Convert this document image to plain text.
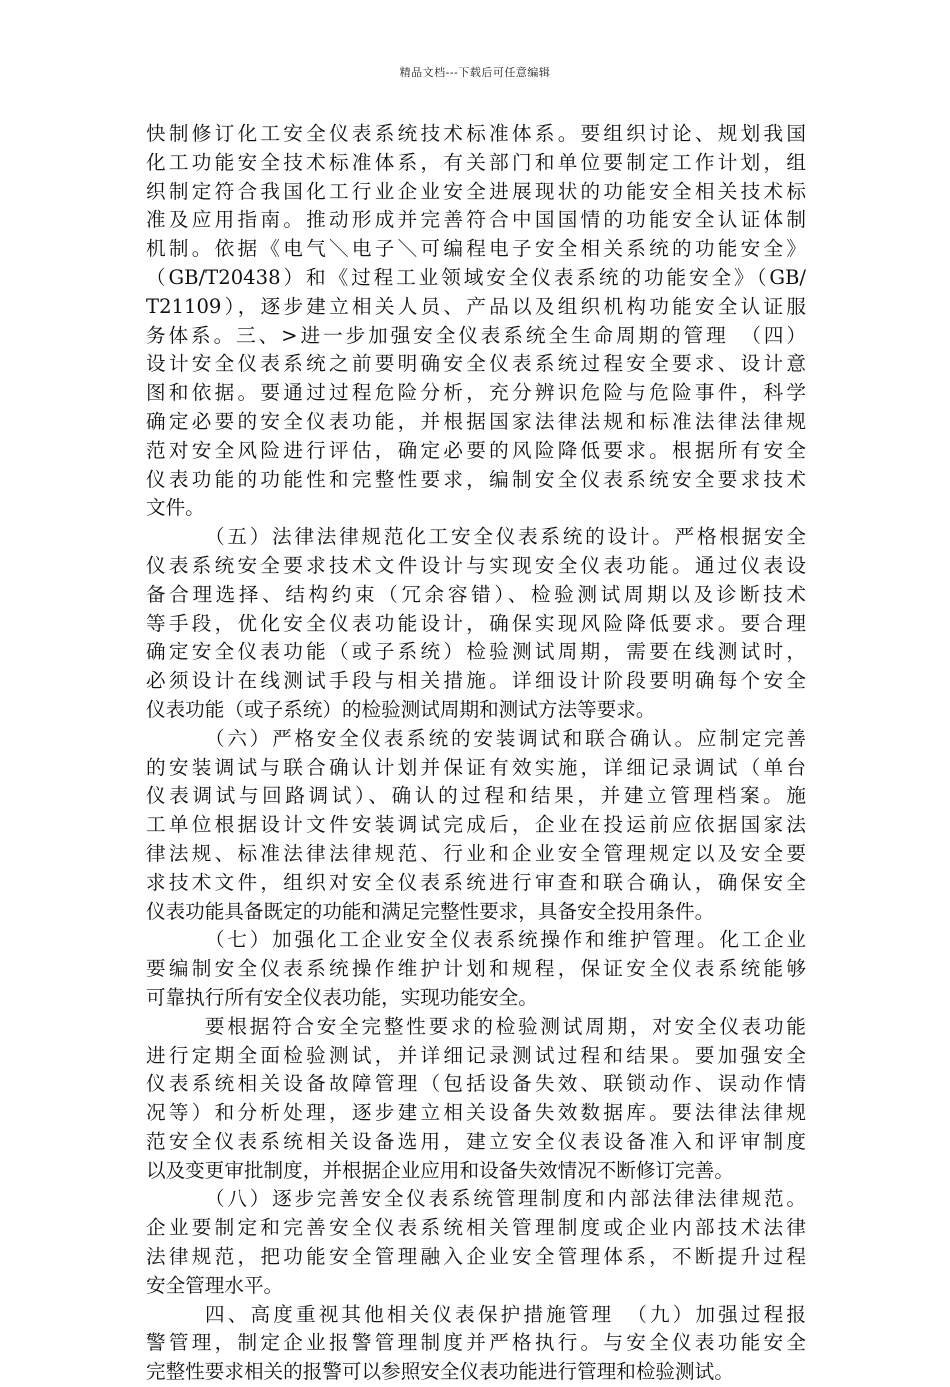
精品文档---下载后可任意编辑
快制修订化工安全仪表系统技术标准体系。要组织讨论、规划我国
化工功能安全技术标准体系，有关部门和单位要制定工作计划，组
织制定符合我国化工行业企业安全进展现状的功能安全相关技术标
准及应用指南。推动形成并完善符合中国国情的功能安全认证体制
机制。依据《电气＼电子＼可编程电子安全相关系统的功能安全》
（GB/T20438）和《过程工业领域安全仪表系统的功能安全》（GB/
T21109），逐步建立相关人员、产品以及组织机构功能安全认证服
务体系。三、>进一步加强安全仪表系统全生命周期的管理　（四）
设计安全仪表系统之前要明确安全仪表系统过程安全要求、设计意
图和依据。要通过过程危险分析，充分辨识危险与危险事件，科学
确定必要的安全仪表功能，并根据国家法律法规和标准法律法律规
范对安全风险进行评估，确定必要的风险降低要求。根据所有安全
仪表功能的功能性和完整性要求，编制安全仪表系统安全要求技术
文件。
（五）法律法律规范化工安全仪表系统的设计。严格根据安全
仪表系统安全要求技术文件设计与实现安全仪表功能。通过仪表设
备合理选择、结构约束（冗余容错）、检验测试周期以及诊断技术
等手段，优化安全仪表功能设计，确保实现风险降低要求。要合理
确定安全仪表功能（或子系统）检验测试周期，需要在线测试时，
必须设计在线测试手段与相关措施。详细设计阶段要明确每个安全
仪表功能（或子系统）的检验测试周期和测试方法等要求。
（六）严格安全仪表系统的安装调试和联合确认。应制定完善
的安装调试与联合确认计划并保证有效实施，详细记录调试（单台
仪表调试与回路调试）、确认的过程和结果，并建立管理档案。施
工单位根据设计文件安装调试完成后，企业在投运前应依据国家法
律法规、标准法律法律规范、行业和企业安全管理规定以及安全要
求技术文件，组织对安全仪表系统进行审查和联合确认，确保安全
仪表功能具备既定的功能和满足完整性要求，具备安全投用条件。
（七）加强化工企业安全仪表系统操作和维护管理。化工企业
要编制安全仪表系统操作维护计划和规程，保证安全仪表系统能够
可靠执行所有安全仪表功能，实现功能安全。
要根据符合安全完整性要求的检验测试周期，对安全仪表功能
进行定期全面检验测试，并详细记录测试过程和结果。要加强安全
仪表系统相关设备故障管理（包括设备失效、联锁动作、误动作情
况等）和分析处理，逐步建立相关设备失效数据库。要法律法律规
范安全仪表系统相关设备选用，建立安全仪表设备准入和评审制度
以及变更审批制度，并根据企业应用和设备失效情况不断修订完善。
（八）逐步完善安全仪表系统管理制度和内部法律法律规范。
企业要制定和完善安全仪表系统相关管理制度或企业内部技术法律
法律规范，把功能安全管理融入企业安全管理体系，不断提升过程
安全管理水平。
四、高度重视其他相关仪表保护措施管理　（九）加强过程报
警管理，制定企业报警管理制度并严格执行。与安全仪表功能安全
完整性要求相关的报警可以参照安全仪表功能进行管理和检验测试。
